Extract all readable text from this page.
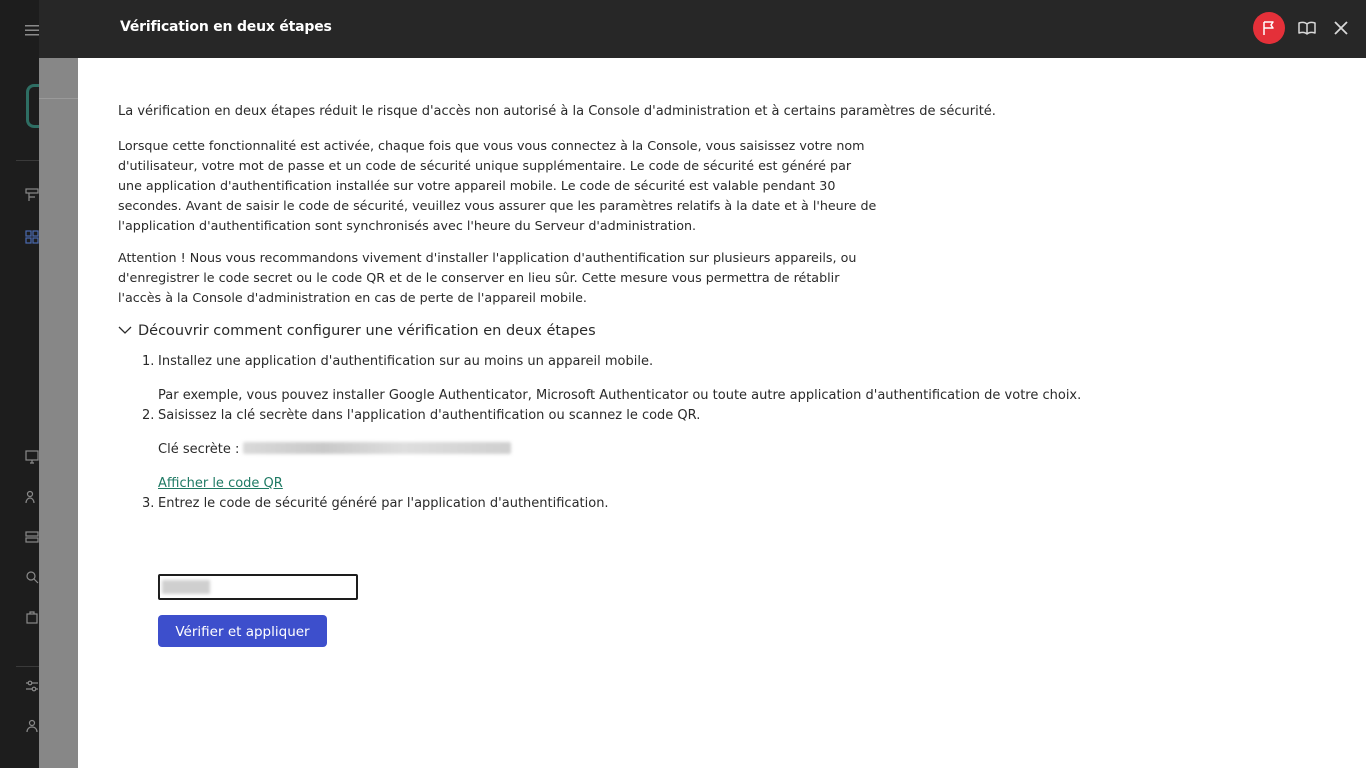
Vérification en deux étapes
La vérification en deux étapes réduit le risque d'accès non autorisé à la Console d'administration et à certains paramètres de sécurité.
Lorsque cette fonctionnalité est activée, chaque fois que vous vous connectez à la Console, vous saisissez votre nom d'utilisateur, votre mot de passe et un code de sécurité unique supplémentaire. Le code de sécurité est généré par une application d'authentification installée sur votre appareil mobile. Le code de sécurité est valable pendant 30 secondes. Avant de saisir le code de sécurité, veuillez vous assurer que les paramètres relatifs à la date et à l'heure de l'application d'authentification sont synchronisés avec l'heure du Serveur d'administration.
Attention ! Nous vous recommandons vivement d'installer l'application d'authentification sur plusieurs appareils, ou d'enregistrer le code secret ou le code QR et de le conserver en lieu sûr. Cette mesure vous permettra de rétablir l'accès à la Console d'administration en cas de perte de l'appareil mobile.
Découvrir comment configurer une vérification en deux étapes
1. Installez une application d'authentification sur au moins un appareil mobile.
Par exemple, vous pouvez installer Google Authenticator, Microsoft Authenticator ou toute autre application d'authentification de votre choix.
2. Saisissez la clé secrète dans l'application d'authentification ou scannez le code QR.
Clé secrète :
Afficher le code QR
3. Entrez le code de sécurité généré par l'application d'authentification.
Vérifier et appliquer
